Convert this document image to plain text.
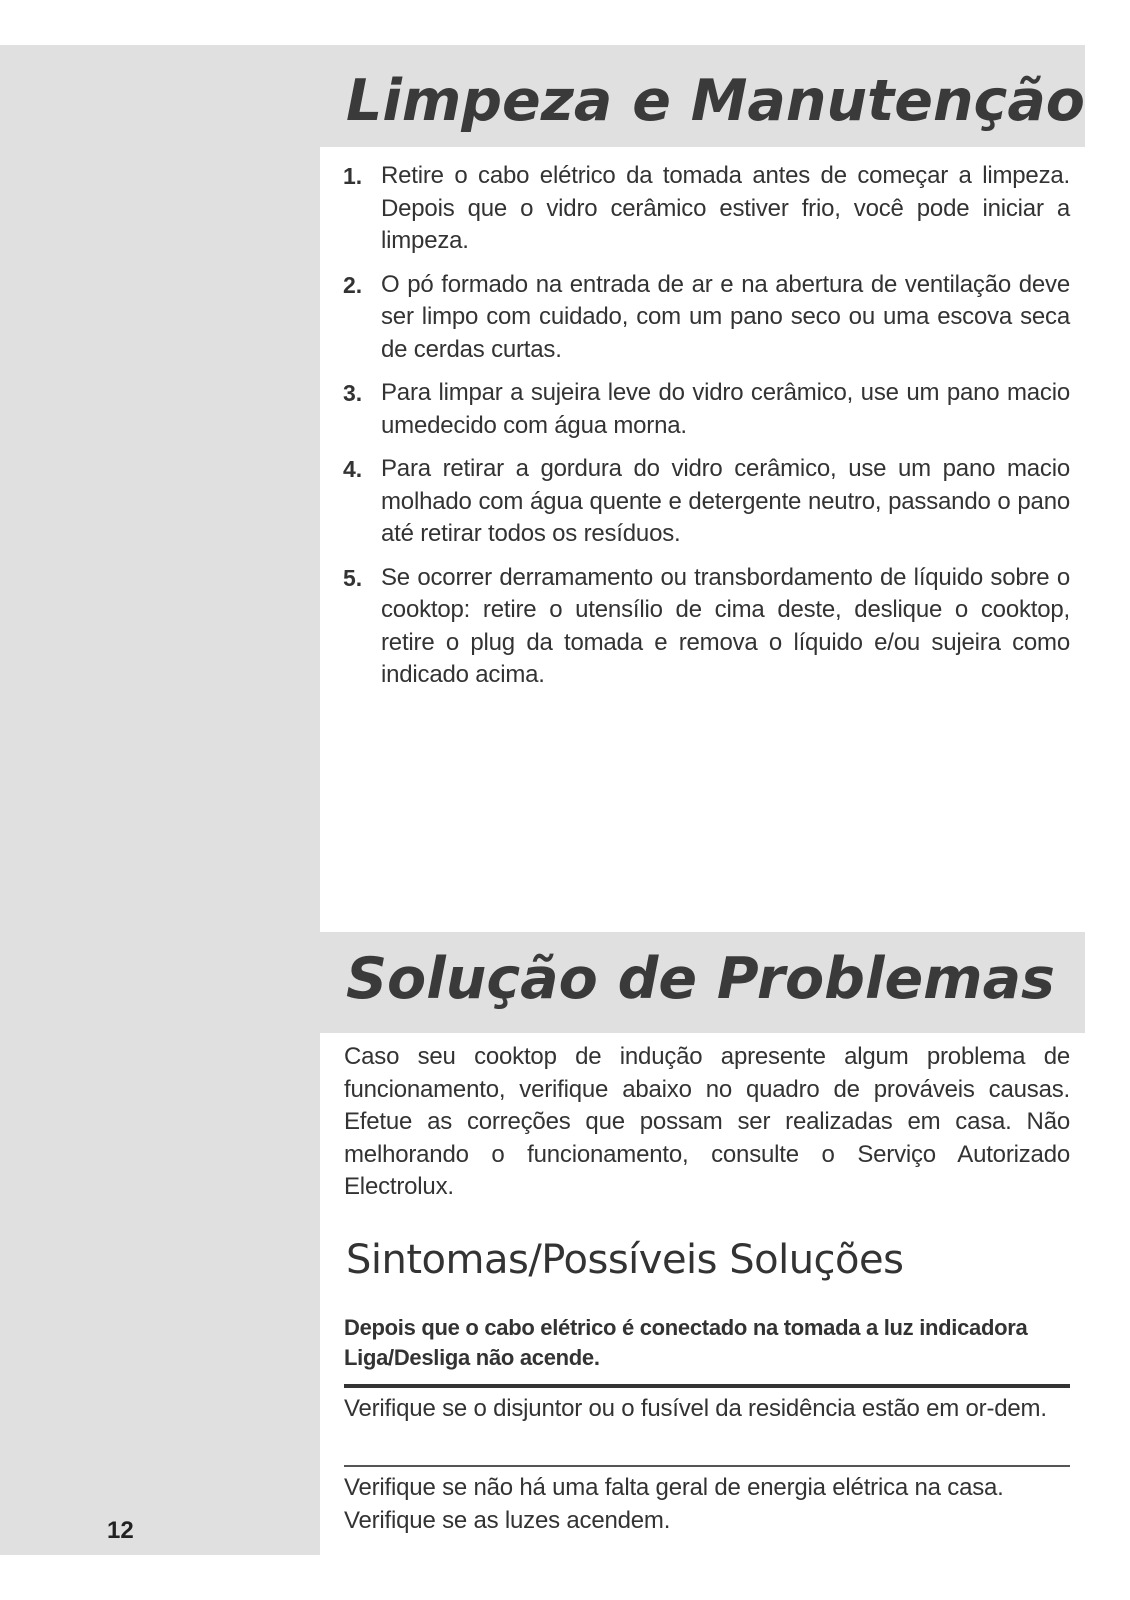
Limpeza e Manutenção
1. Retire o cabo elétrico da tomada antes de começar a limpeza. Depois que o vidro cerâmico estiver frio, você pode iniciar a limpeza.
2. O pó formado na entrada de ar e na abertura de ventilação deve ser limpo com cuidado, com um pano seco ou uma escova seca de cerdas curtas.
3. Para limpar a sujeira leve do vidro cerâmico, use um pano macio umedecido com água morna.
4. Para retirar a gordura do vidro cerâmico, use um pano macio molhado com água quente e detergente neutro, passando o pano até retirar todos os resíduos.
5. Se ocorrer derramamento ou transbordamento de líquido sobre o cooktop: retire o utensílio de cima deste, deslique o cooktop, retire o plug da tomada e remova o líquido e/ou sujeira como indicado acima.
Solução de Problemas

Caso seu cooktop de indução apresente algum problema de funcionamento, verifique abaixo no quadro de prováveis causas. Efetue as correções que possam ser realizadas em casa. Não melhorando o funcionamento, consulte o Serviço Autorizado Electrolux.

Sintomas/Possíveis Soluções

Depois que o cabo elétrico é conectado na tomada a luz indicadora Liga/Desliga não acende.

Verifique se o disjuntor ou o fusível da residência estão em or-dem.

Verifique se não há uma falta geral de energia elétrica na casa. Verifique se as luzes acendem.

12
